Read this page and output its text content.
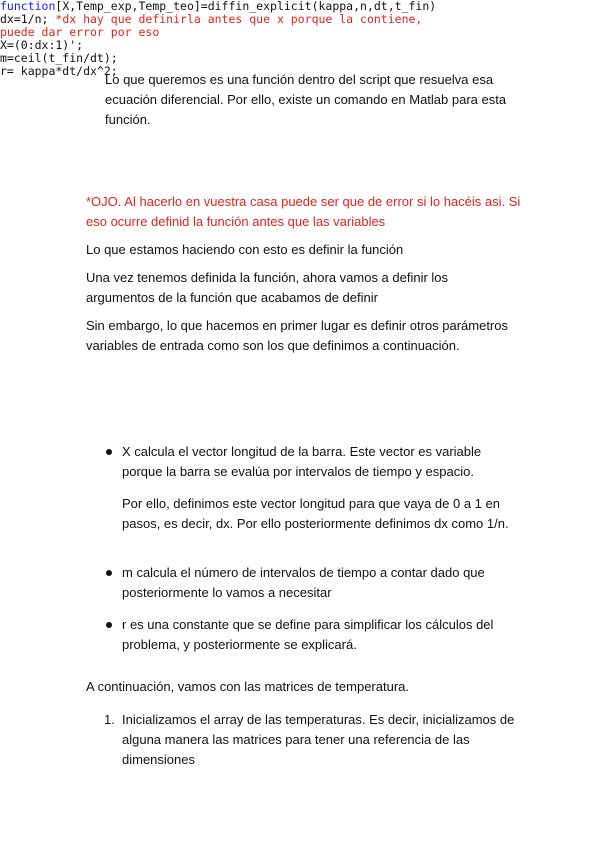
Lo que queremos es una función dentro del script que resuelva esa
ecuación diferencial. Por ello, existe un comando en Matlab para esta
función.
function[X,Temp_exp,Temp_teo]=diffin_explicit(kappa,n,dt,t_fin)
*OJO. Al hacerlo en vuestra casa puede ser que de error si lo hacéis asi. Si
eso ocurre definid la función antes que las variables
Lo que estamos haciendo con esto es definir la función
Una vez tenemos definida la función, ahora vamos a definir los
argumentos de la función que acabamos de definir
Sin embargo, lo que hacemos en primer lugar es definir otros parámetros
variables de entrada como son los que definimos a continuación.
dx=1/n; *dx hay que definirla antes que x porque la contiene,
puede dar error por eso
X=(0:dx:1)';
m=ceil(t_fin/dt);
r= kappa*dt/dx^2;
X calcula el vector longitud de la barra. Este vector es variable
porque la barra se evalúa por intervalos de tiempo y espacio.
Por ello, definimos este vector longitud para que vaya de 0 a 1 en
pasos, es decir, dx. Por ello posteriormente definimos dx como 1/n.
m calcula el número de intervalos de tiempo a contar dado que
posteriormente lo vamos a necesitar
r es una constante que se define para simplificar los cálculos del
problema, y posteriormente se explicará.
A continuación, vamos con las matrices de temperatura.
1. Inicializamos el array de las temperaturas. Es decir, inicializamos de
alguna manera las matrices para tener una referencia de las
dimensiones
